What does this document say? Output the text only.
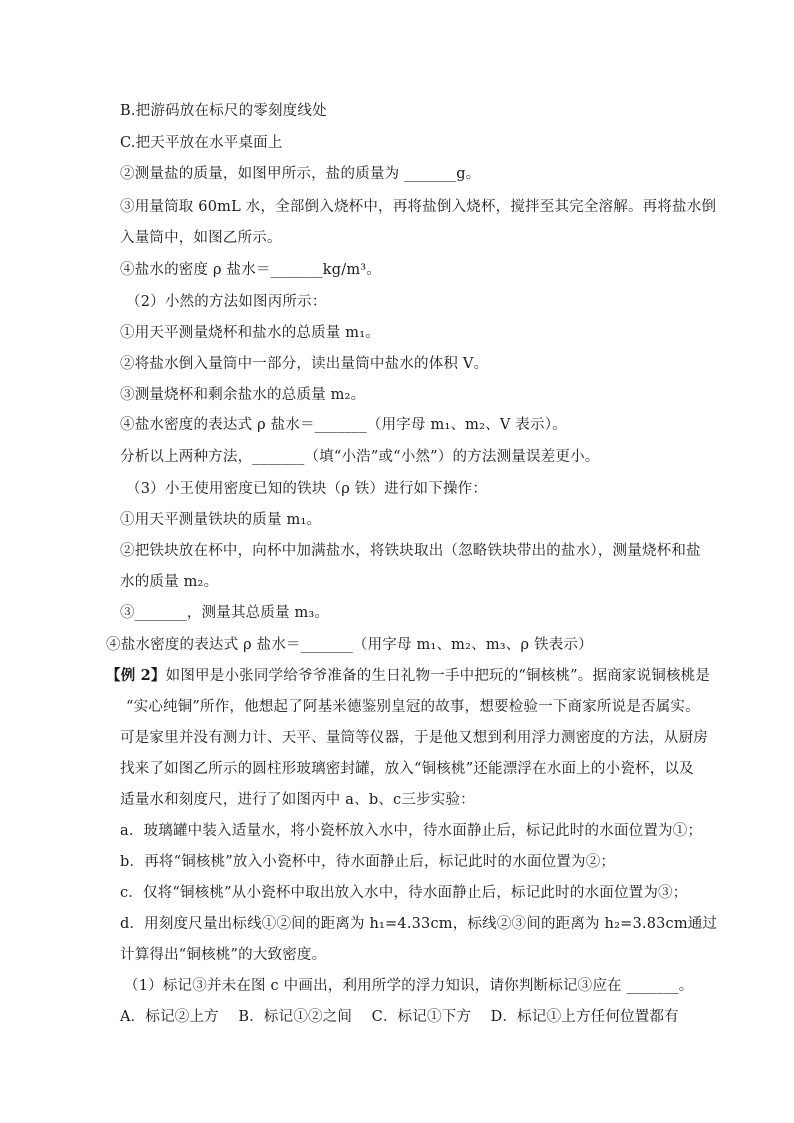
B.把游码放在标尺的零刻度线处
C.把天平放在水平桌面上
②测量盐的质量，如图甲所示，盐的质量为 _______g。
③用量筒取 60mL 水，全部倒入烧杯中，再将盐倒入烧杯，搅拌至其完全溶解。再将盐水倒
入量筒中，如图乙所示。
④盐水的密度 ρ 盐水＝_______kg/m³。
（2）小然的方法如图丙所示：
①用天平测量烧杯和盐水的总质量 m₁。
②将盐水倒入量筒中一部分，读出量筒中盐水的体积 V。
③测量烧杯和剩余盐水的总质量 m₂。
④盐水密度的表达式 ρ 盐水＝_______（用字母 m₁、m₂、V 表示）。
分析以上两种方法，_______（填“小浩”或“小然”）的方法测量误差更小。
（3）小王使用密度已知的铁块（ρ 铁）进行如下操作：
①用天平测量铁块的质量 m₁。
②把铁块放在杯中，向杯中加满盐水，将铁块取出（忽略铁块带出的盐水），测量烧杯和盐
水的质量 m₂。
③_______，测量其总质量 m₃。
④盐水密度的表达式 ρ 盐水＝_______（用字母 m₁、m₂、m₃、ρ 铁表示）
【例 2】如图甲是小张同学给爷爷准备的生日礼物一手中把玩的“铜核桃”。据商家说铜核桃是
“实心纯铜”所作，他想起了阿基米德鉴别皇冠的故事，想要检验一下商家所说是否属实。
可是家里并没有测力计、天平、量筒等仪器，于是他又想到利用浮力测密度的方法，从厨房
找来了如图乙所示的圆柱形玻璃密封罐，放入“铜核桃”还能漂浮在水面上的小瓷杯，以及
适量水和刻度尺，进行了如图丙中 a、b、c三步实验：
a．玻璃罐中装入适量水，将小瓷杯放入水中，待水面静止后，标记此时的水面位置为①；
b．再将“铜核桃”放入小瓷杯中，待水面静止后，标记此时的水面位置为②；
c．仅将“铜核桃”从小瓷杯中取出放入水中，待水面静止后，标记此时的水面位置为③；
d．用刻度尺量出标线①②间的距离为 h₁=4.33cm，标线②③间的距离为 h₂=3.83cm通过
计算得出“铜核桃”的大致密度。
（1）标记③并未在图 c 中画出，利用所学的浮力知识，请你判断标记③应在 _______。
A．标记②上方　 B．标记①②之间　 C．标记①下方　 D．标记①上方任何位置都有
